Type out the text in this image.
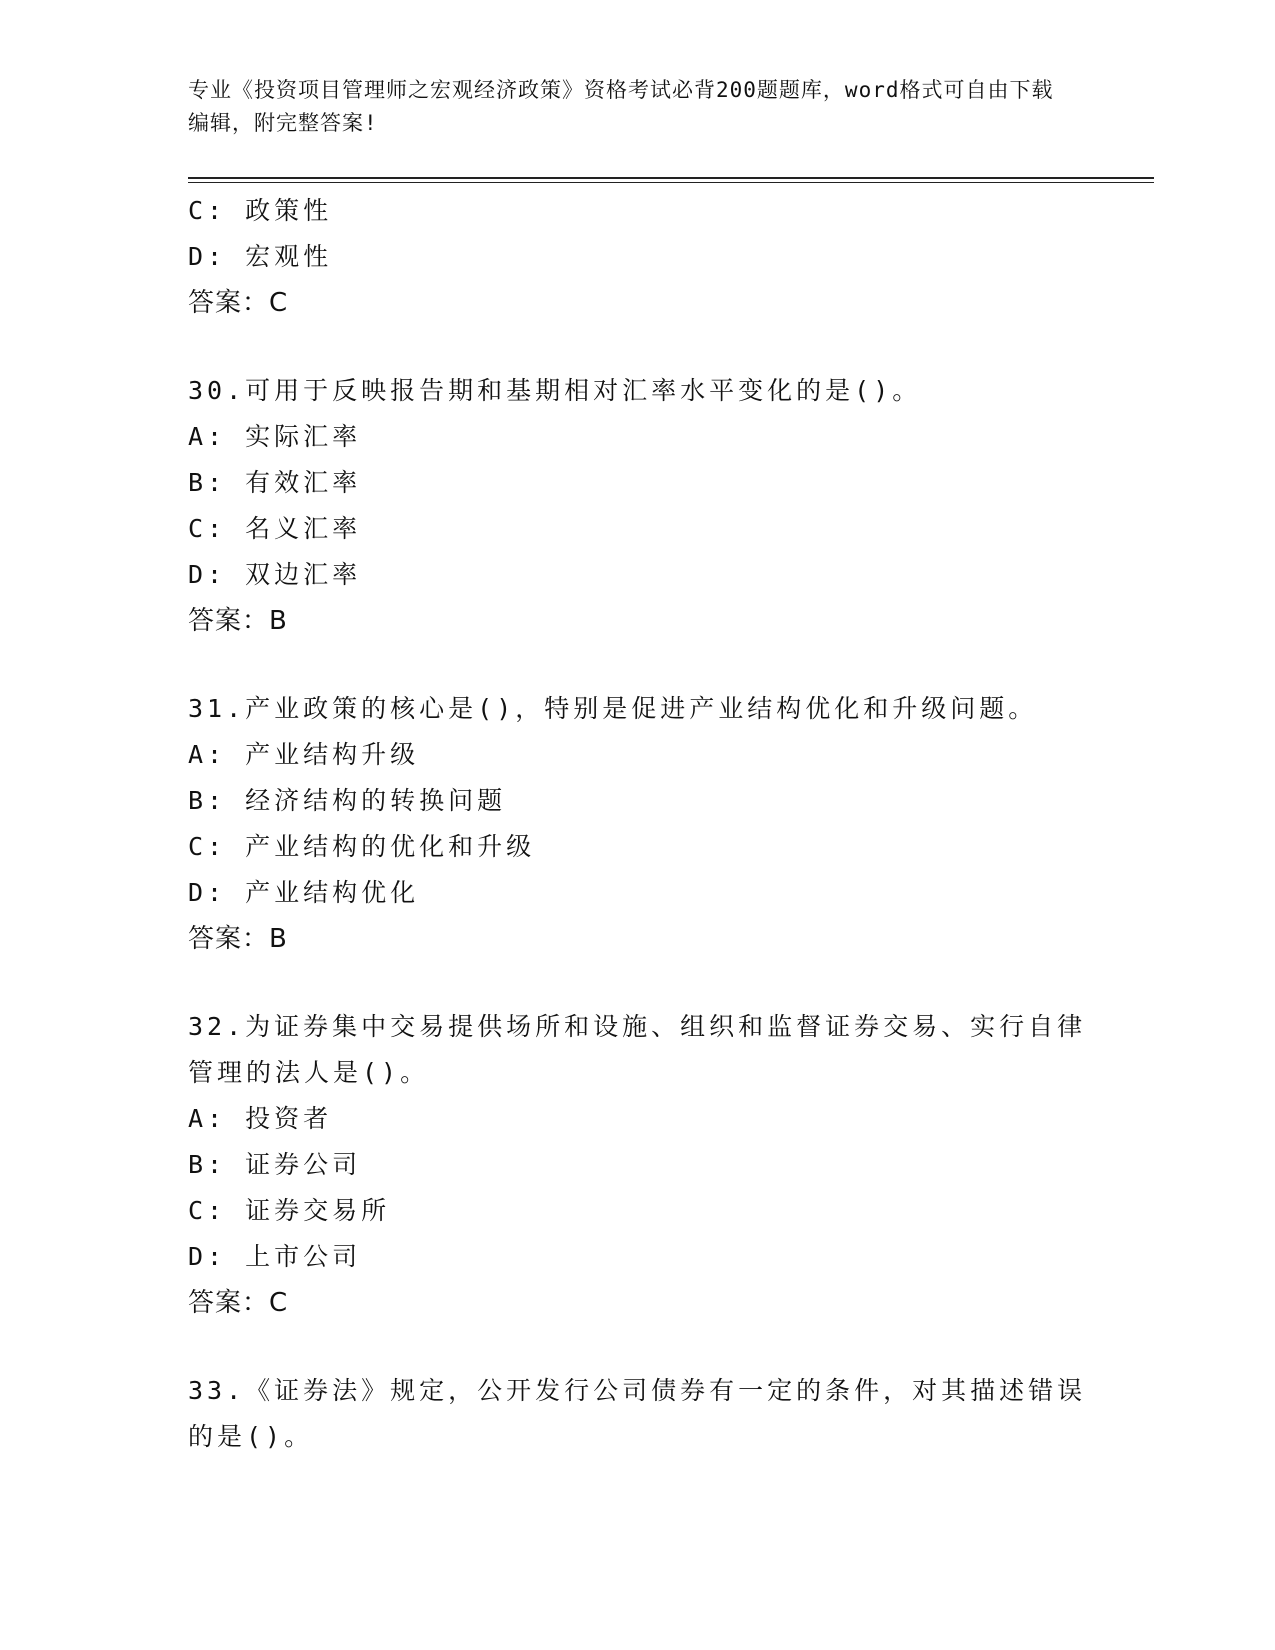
专业《投资项目管理师之宏观经济政策》资格考试必背200题题库，word格式可自由下载编辑，附完整答案!
C: 政策性
D: 宏观性
答案：C
30.可用于反映报告期和基期相对汇率水平变化的是()。
A: 实际汇率
B: 有效汇率
C: 名义汇率
D: 双边汇率
答案：B
31.产业政策的核心是()，特别是促进产业结构优化和升级问题。
A: 产业结构升级
B: 经济结构的转换问题
C: 产业结构的优化和升级
D: 产业结构优化
答案：B
32.为证券集中交易提供场所和设施、组织和监督证券交易、实行自律管理的法人是()。
A: 投资者
B: 证券公司
C: 证券交易所
D: 上市公司
答案：C
33.《证券法》规定，公开发行公司债券有一定的条件，对其描述错误的是()。
